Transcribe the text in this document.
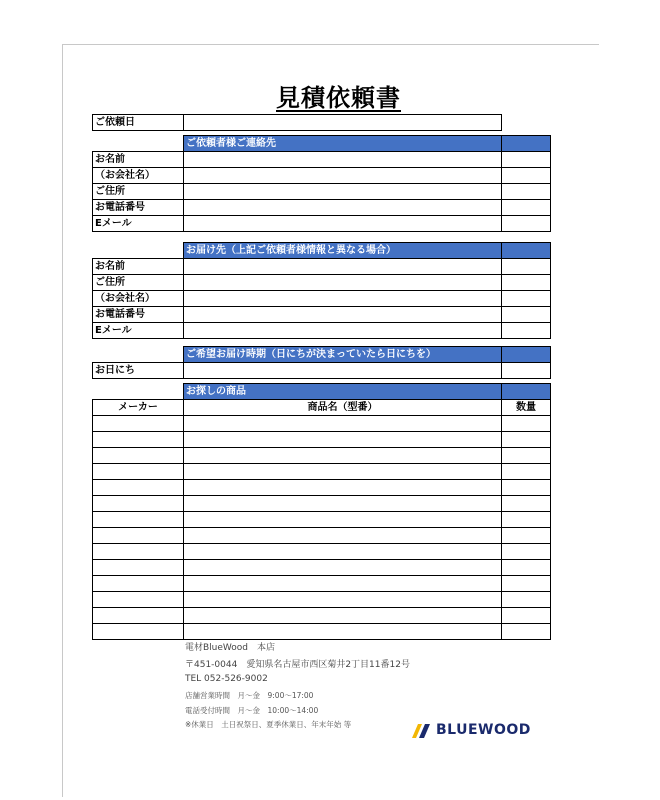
見積依頼書
ご依頼日	
	ご依頼者様ご連絡先	
お名前		
（お会社名）		
ご住所		
お電話番号		
Eメール		
	お届け先（上記ご依頼者様情報と異なる場合）	
お名前		
ご住所		
（お会社名）		
お電話番号		
Eメール		
	ご希望お届け時期（日にちが決まっていたら日にちを）	
お日にち		
	お探しの商品	
メーカー	商品名（型番）	数量

電材BlueWood　本店
〒451-0044　愛知県名古屋市西区菊井2丁目11番12号
TEL 052-526-9002
店舗営業時間　月～金　9:00～17:00
電話受付時間　月～金　10:00～14:00
※休業日　土日祝祭日、夏季休業日、年末年始 等	BLUEWOOD
